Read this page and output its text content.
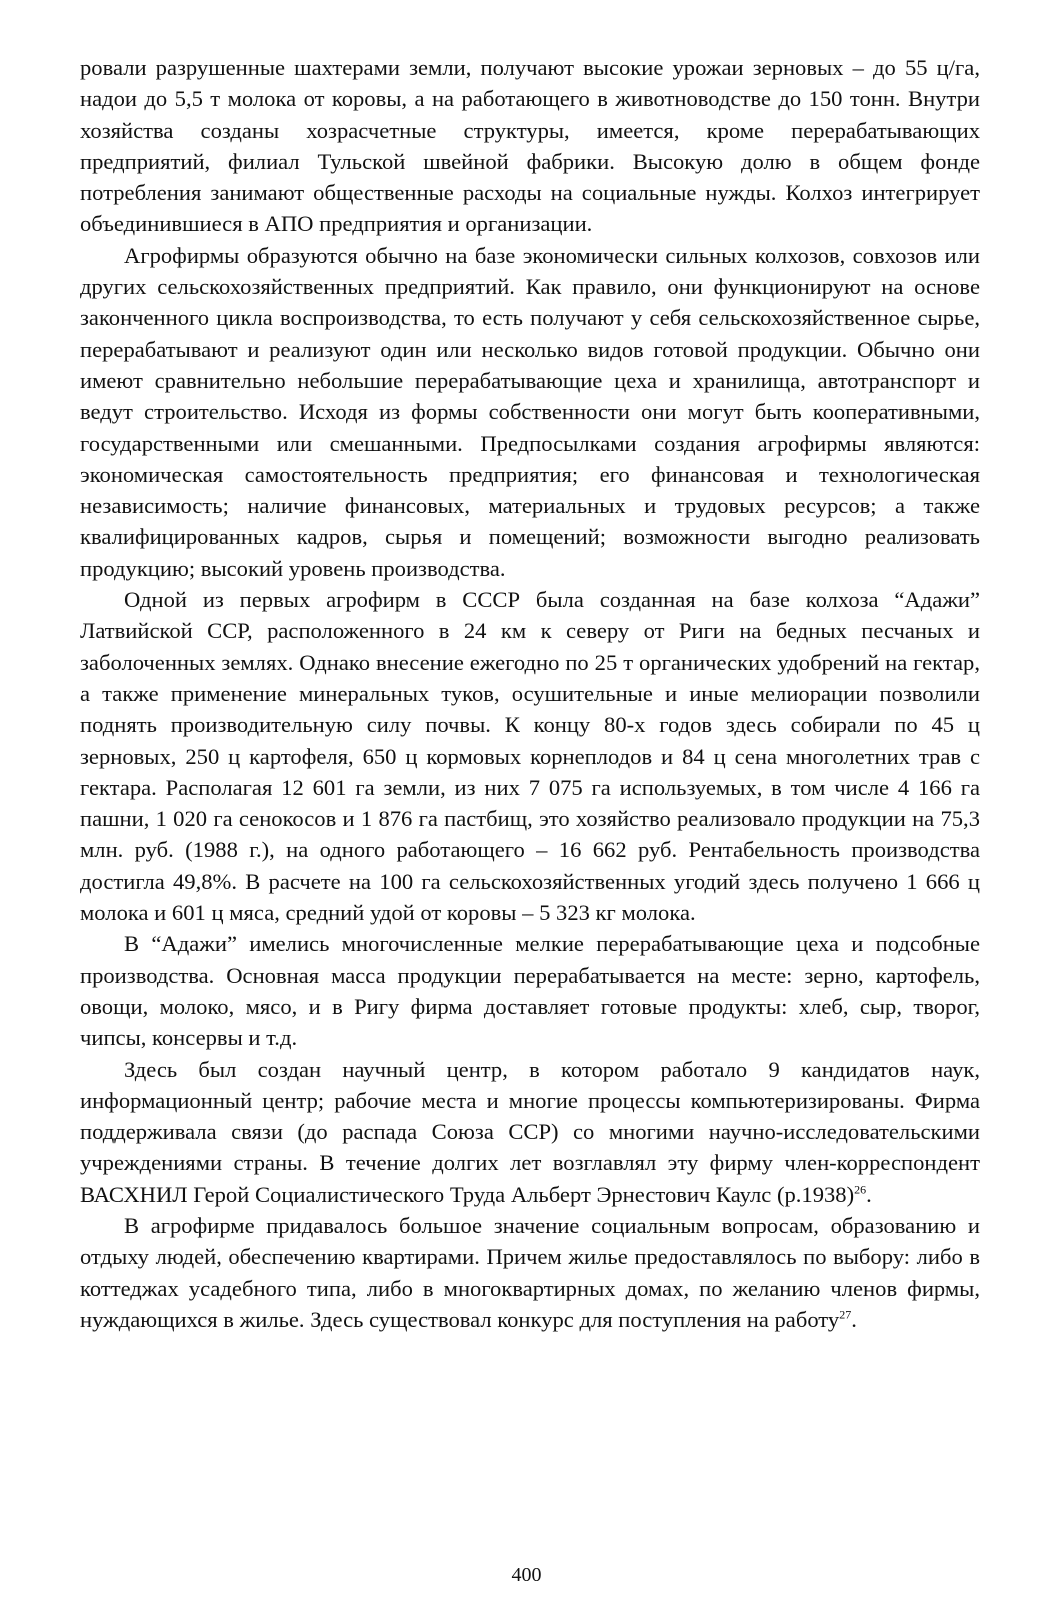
ровали разрушенные шахтерами земли, получают высокие урожаи зерновых – до 55 ц/га, надои до 5,5 т молока от коровы, а на работающего в животноводстве до 150 тонн. Внутри хозяйства созданы хозрасчетные структуры, имеется, кроме перерабатывающих предприятий, филиал Тульской швейной фабрики. Высокую долю в общем фонде потребления занимают общественные расходы на социальные нужды. Колхоз интегрирует объединившиеся в АПО предприятия и организации.

Агрофирмы образуются обычно на базе экономически сильных колхозов, совхозов или других сельскохозяйственных предприятий. Как правило, они функционируют на основе законченного цикла воспроизводства, то есть получают у себя сельскохозяйственное сырье, перерабатывают и реализуют один или несколько видов готовой продукции. Обычно они имеют сравнительно небольшие перерабатывающие цеха и хранилища, автотранспорт и ведут строительство. Исходя из формы собственности они могут быть кооперативными, государственными или смешанными. Предпосылками создания агрофирмы являются: экономическая самостоятельность предприятия; его финансовая и технологическая независимость; наличие финансовых, материальных и трудовых ресурсов; а также квалифицированных кадров, сырья и помещений; возможности выгодно реализовать продукцию; высокий уровень производства.

Одной из первых агрофирм в СССР была созданная на базе колхоза “Адажи” Латвийской ССР, расположенного в 24 км к северу от Риги на бедных песчаных и заболоченных землях. Однако внесение ежегодно по 25 т органических удобрений на гектар, а также применение минеральных туков, осушительные и иные мелиорации позволили поднять производительную силу почвы. К концу 80-х годов здесь собирали по 45 ц зерновых, 250 ц картофеля, 650 ц кормовых корнеплодов и 84 ц сена многолетних трав с гектара. Располагая 12 601 га земли, из них 7 075 га используемых, в том числе 4 166 га пашни, 1 020 га сенокосов и 1 876 га пастбищ, это хозяйство реализовало продукции на 75,3 млн. руб. (1988 г.), на одного работающего – 16 662 руб. Рентабельность производства достигла 49,8%. В расчете на 100 га сельскохозяйственных угодий здесь получено 1 666 ц молока и 601 ц мяса, средний удой от коровы – 5 323 кг молока.

В “Адажи” имелись многочисленные мелкие перерабатывающие цеха и подсобные производства. Основная масса продукции перерабатывается на месте: зерно, картофель, овощи, молоко, мясо, и в Ригу фирма доставляет готовые продукты: хлеб, сыр, творог, чипсы, консервы и т.д.

Здесь был создан научный центр, в котором работало 9 кандидатов наук, информационный центр; рабочие места и многие процессы компьютеризированы. Фирма поддерживала связи (до распада Союза ССР) со многими научно-исследовательскими учреждениями страны. В течение долгих лет возглавлял эту фирму член-корреспондент ВАСХНИЛ Герой Социалистического Труда Альберт Эрнестович Каулс $(р.1938)^{26}$.

В агрофирме придавалось большое значение социальным вопросам, образованию и отдыху людей, обеспечению квартирами. Причем жилье предоставлялось по выбору: либо в коттеджах усадебного типа, либо в многоквартирных домах, по желанию членов фирмы, нуждающихся в жилье. Здесь существовал конкурс для поступления на работу$^{27}$.

400
